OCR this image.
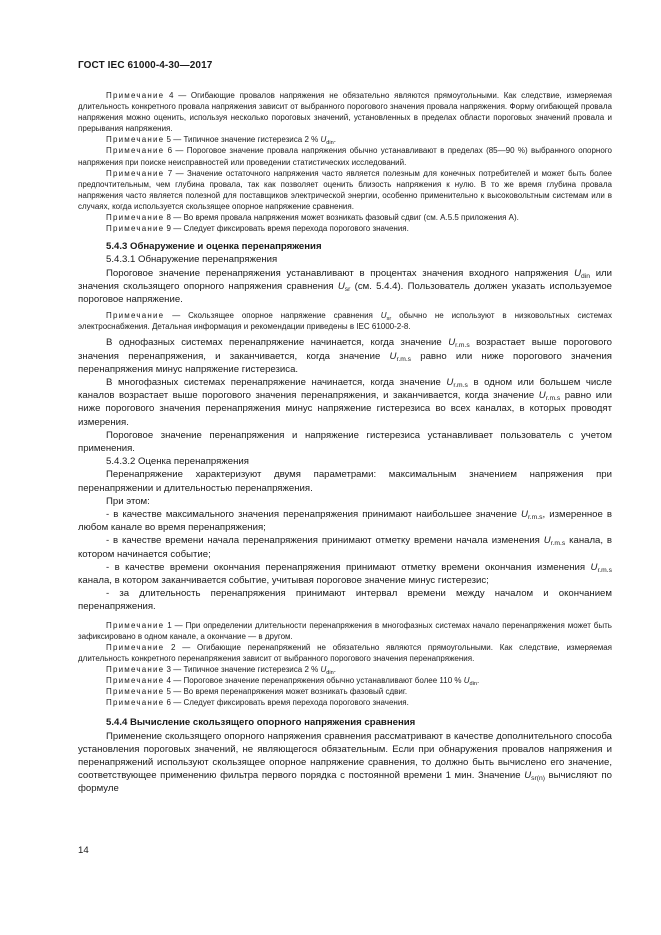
ГОСТ IEC 61000-4-30—2017

Примечание 4 — Огибающие провалов напряжения не обязательно являются прямоугольными. Как следствие, измеряемая длительность конкретного провала напряжения зависит от выбранного порогового значения провала напряжения. Форму огибающей провала напряжения можно оценить, используя несколько пороговых значений, установленных в пределах области пороговых значений провала и прерывания напряжения.

Примечание 5 — Типичное значение гистерезиса 2 % $U_{din}$.

Примечание 6 — Пороговое значение провала напряжения обычно устанавливают в пределах (85—90 %) выбранного опорного напряжения при поиске неисправностей или проведении статистических исследований.

Примечание 7 — Значение остаточного напряжения часто является полезным для конечных потребителей и может быть более предпочтительным, чем глубина провала, так как позволяет оценить близость напряжения к нулю. В то же время глубина провала напряжения часто является полезной для поставщиков электрической энергии, особенно применительно к высоковольтным системам или в случаях, когда используется скользящее опорное напряжение сравнения.

Примечание 8 — Во время провала напряжения может возникать фазовый сдвиг (см. А.5.5 приложения А).

Примечание 9 — Следует фиксировать время перехода порогового значения.

5.4.3 Обнаружение и оценка перенапряжения

5.4.3.1 Обнаружение перенапряжения

Пороговое значение перенапряжения устанавливают в процентах значения входного напряжения $U_{din}$ или значения скользящего опорного напряжения сравнения $U_{sr}$ (см. 5.4.4). Пользователь должен указать используемое пороговое напряжение.

Примечание — Скользящее опорное напряжение сравнения $U_{sr}$ обычно не используют в низковольтных системах электроснабжения. Детальная информация и рекомендации приведены в IEC 61000-2-8.

В однофазных системах перенапряжение начинается, когда значение $U_{r.m.s}$ возрастает выше порогового значения перенапряжения, и заканчивается, когда значение $U_{r.m.s}$ равно или ниже порогового значения перенапряжения минус напряжение гистерезиса.

В многофазных системах перенапряжение начинается, когда значение $U_{r.m.s}$ в одном или большем числе каналов возрастает выше порогового значения перенапряжения, и заканчивается, когда значение $U_{r.m.s}$ равно или ниже порогового значения перенапряжения минус напряжение гистерезиса во всех каналах, в которых проводят измерения.

Пороговое значение перенапряжения и напряжение гистерезиса устанавливает пользователь с учетом применения.

5.4.3.2 Оценка перенапряжения

Перенапряжение характеризуют двумя параметрами: максимальным значением напряжения при перенапряжении и длительностью перенапряжения.

При этом:

- в качестве максимального значения перенапряжения принимают наибольшее значение $U_{r.m.s}$, измеренное в любом канале во время перенапряжения;

- в качестве времени начала перенапряжения принимают отметку времени начала изменения $U_{r.m.s}$ канала, в котором начинается событие;

- в качестве времени окончания перенапряжения принимают отметку времени окончания изменения $U_{r.m.s}$ канала, в котором заканчивается событие, учитывая пороговое значение минус гистерезис;

- за длительность перенапряжения принимают интервал времени между началом и окончанием перенапряжения.

Примечание 1 — При определении длительности перенапряжения в многофазных системах начало перенапряжения может быть зафиксировано в одном канале, а окончание — в другом.

Примечание 2 — Огибающие перенапряжений не обязательно являются прямоугольными. Как следствие, измеряемая длительность конкретного перенапряжения зависит от выбранного порогового значения перенапряжения.

Примечание 3 — Типичное значение гистерезиса 2 % $U_{din}$.

Примечание 4 — Пороговое значение перенапряжения обычно устанавливают более 110 % $U_{din}$.

Примечание 5 — Во время перенапряжения может возникать фазовый сдвиг.

Примечание 6 — Следует фиксировать время перехода порогового значения.

5.4.4 Вычисление скользящего опорного напряжения сравнения

Применение скользящего опорного напряжения сравнения рассматривают в качестве дополнительного способа установления пороговых значений, не являющегося обязательным. Если при обнаружения провалов напряжения и перенапряжений используют скользящее опорное напряжение сравнения, то должно быть вычислено его значение, соответствующее применению фильтра первого порядка с постоянной времени 1 мин. Значение $U_{sr(n)}$ вычисляют по формуле

14
